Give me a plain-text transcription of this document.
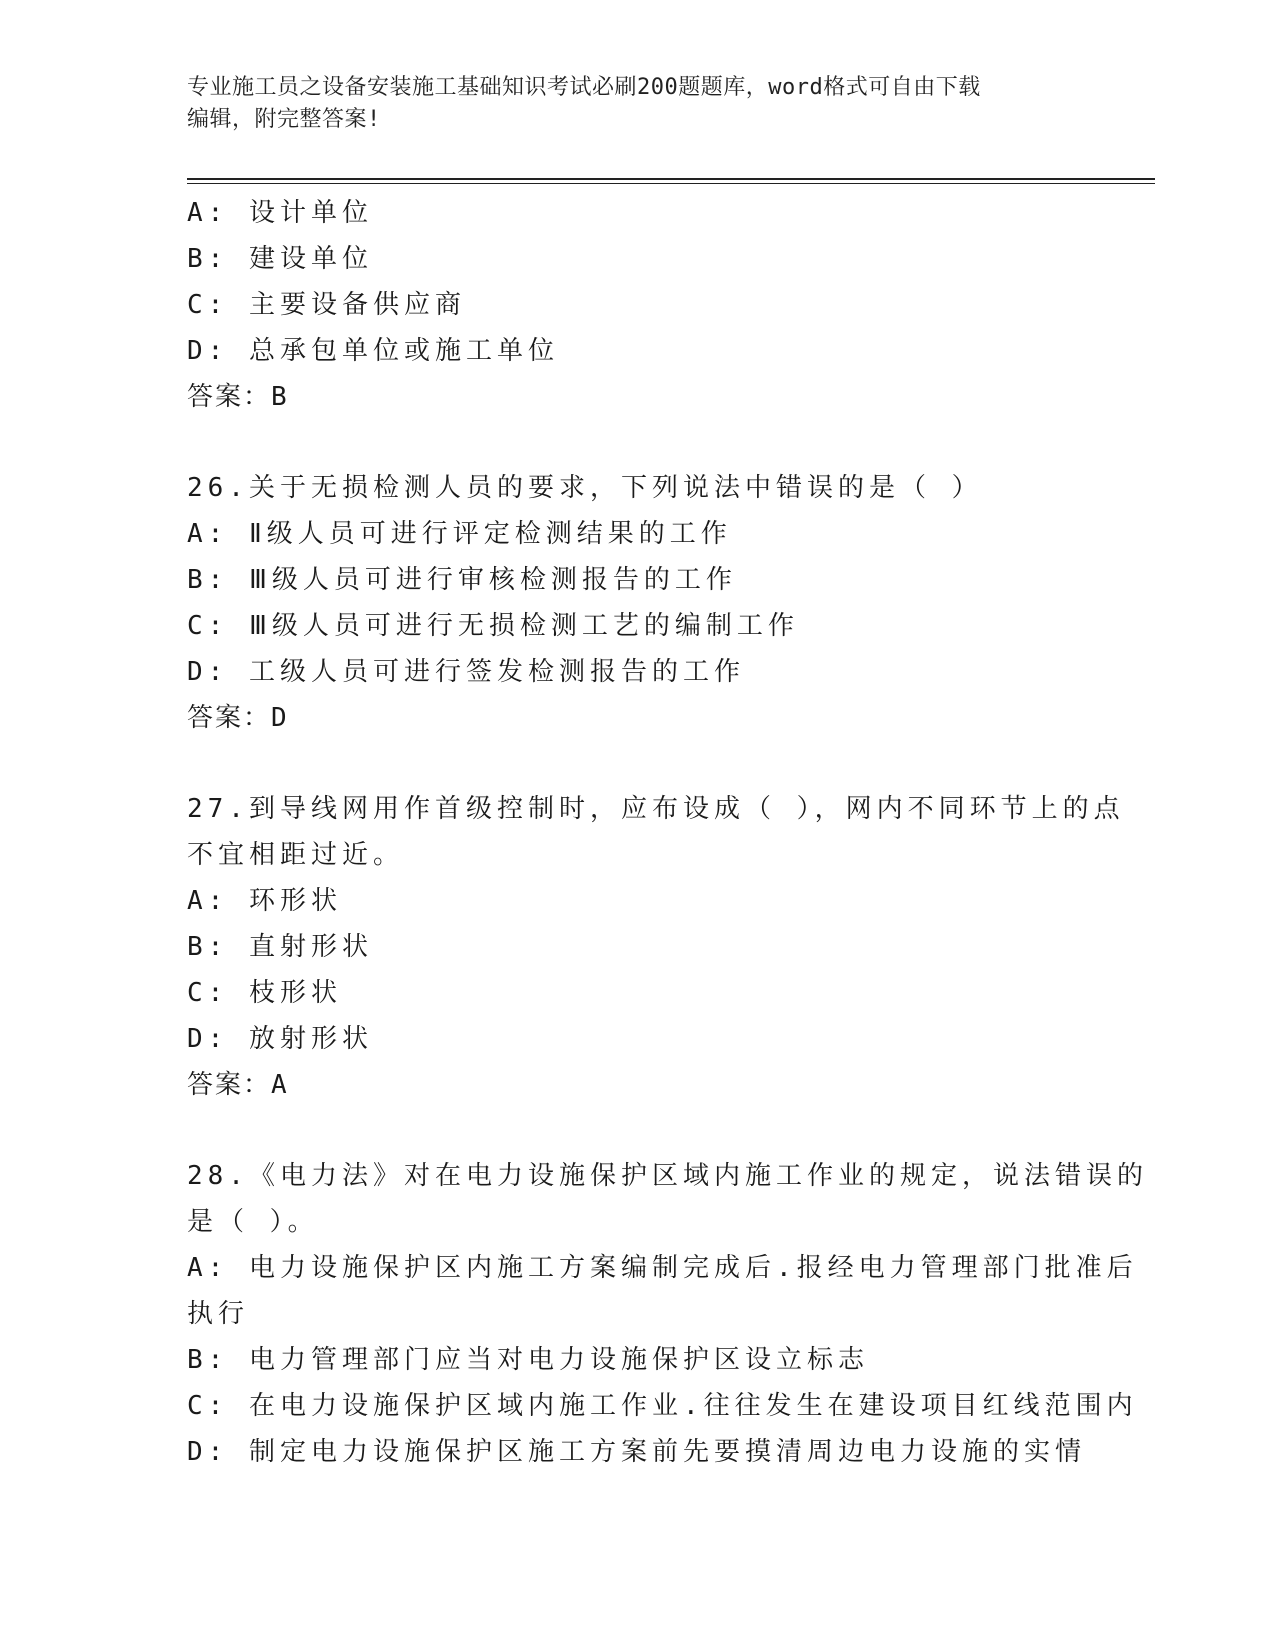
专业施工员之设备安装施工基础知识考试必刷200题题库，word格式可自由下载
编辑，附完整答案!
A: 设计单位
B: 建设单位
C: 主要设备供应商
D: 总承包单位或施工单位
答案：B
26.关于无损检测人员的要求，下列说法中错误的是（ ）
A: Ⅱ级人员可进行评定检测结果的工作
B: Ⅲ级人员可进行审核检测报告的工作
C: Ⅲ级人员可进行无损检测工艺的编制工作
D: 工级人员可进行签发检测报告的工作
答案：D
27.到导线网用作首级控制时，应布设成（ ），网内不同环节上的点
不宜相距过近。
A: 环形状
B: 直射形状
C: 枝形状
D: 放射形状
答案：A
28.《电力法》对在电力设施保护区域内施工作业的规定，说法错误的
是（ ）。
A: 电力设施保护区内施工方案编制完成后.报经电力管理部门批准后
执行
B: 电力管理部门应当对电力设施保护区设立标志
C: 在电力设施保护区域内施工作业.往往发生在建设项目红线范围内
D: 制定电力设施保护区施工方案前先要摸清周边电力设施的实情
